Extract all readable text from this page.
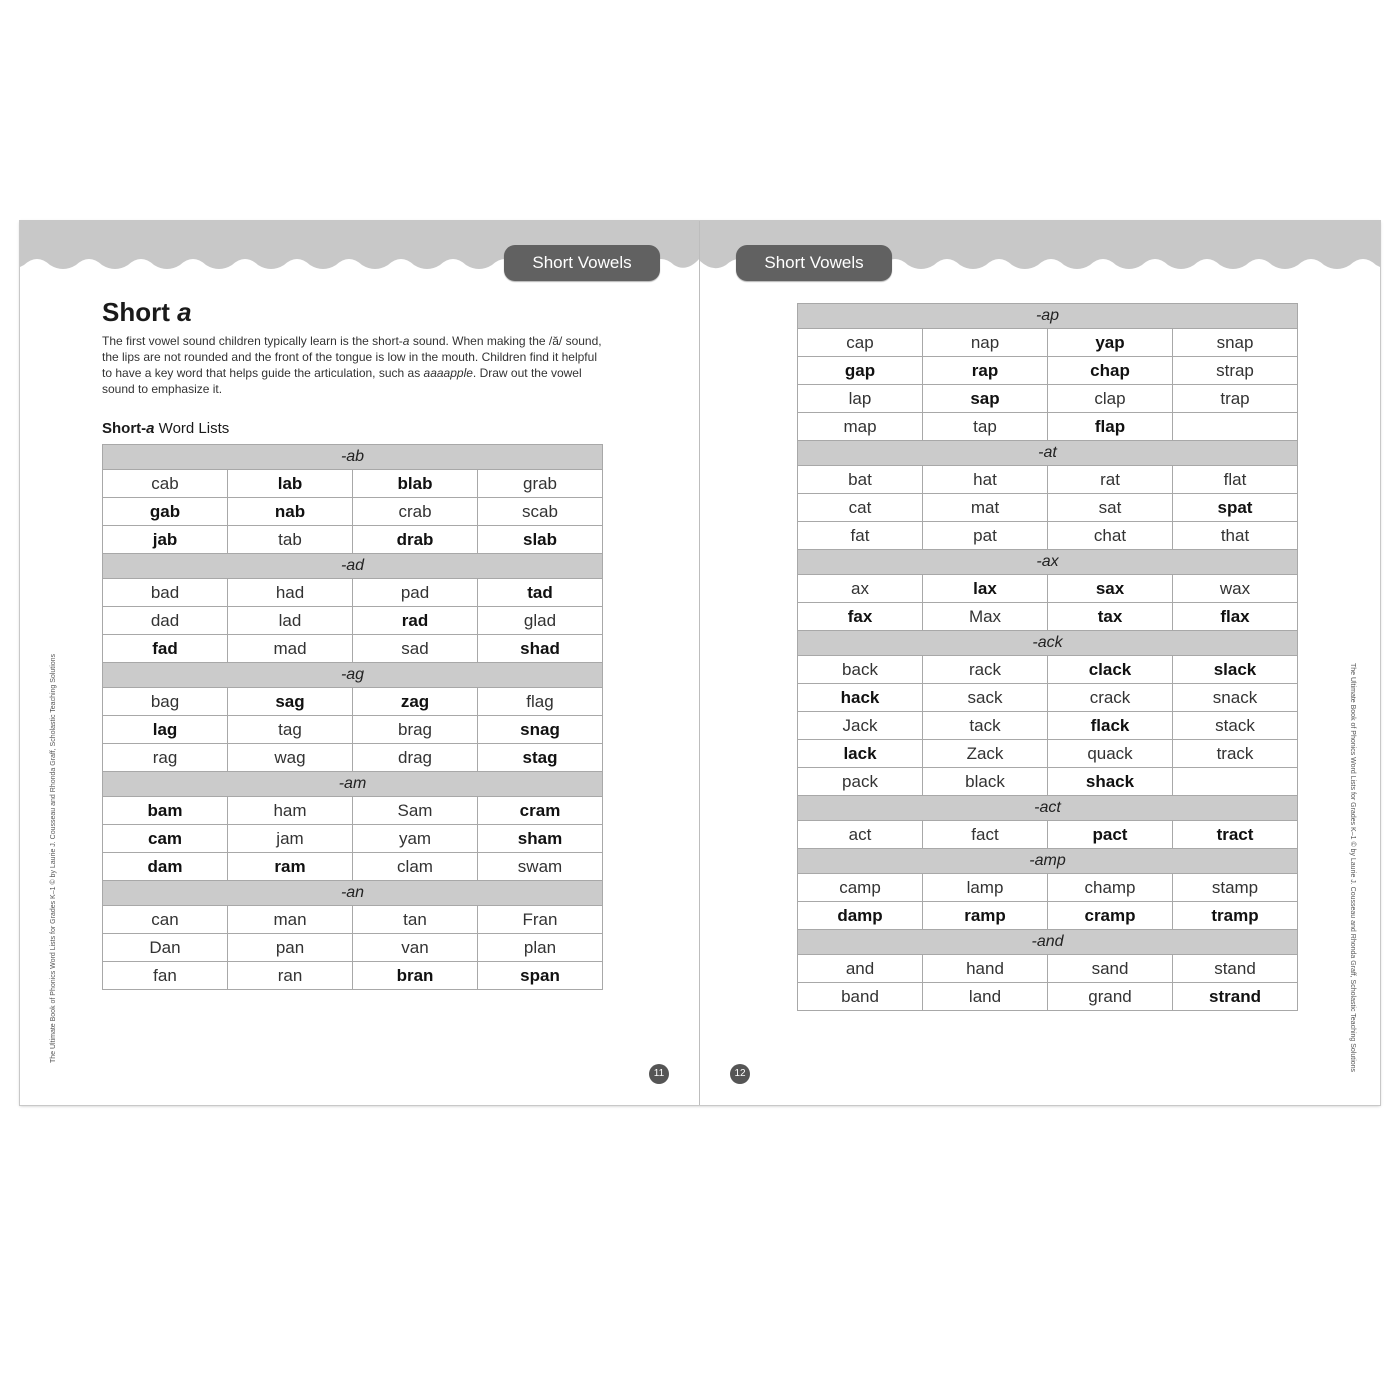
Short Vowels
Short a
The first vowel sound children typically learn is the short-a sound. When making the /ă/ sound, the lips are not rounded and the front of the tongue is low in the mouth. Children find it helpful to have a key word that helps guide the articulation, such as aaaapple. Draw out the vowel sound to emphasize it.
Short-a Word Lists
-ab			
cab	lab	blab	grab
gab	nab	crab	scab
jab	tab	drab	slab
-ad			
bad	had	pad	tad
dad	lad	rad	glad
fad	mad	sad	shad
-ag			
bag	sag	zag	flag
lag	tag	brag	snag
rag	wag	drag	stag
-am			
bam	ham	Sam	cram
cam	jam	yam	sham
dam	ram	clam	swam
-an			
can	man	tan	Fran
Dan	pan	van	plan
fan	ran	bran	span
11
The Ultimate Book of Phonics Word Lists for Grades K–1 © by Laurie J. Cousseau and Rhonda Graff, Scholastic Teaching Solutions
Short Vowels
-ap			
cap	nap	yap	snap
gap	rap	chap	strap
lap	sap	clap	trap
map	tap	flap	
-at			
bat	hat	rat	flat
cat	mat	sat	spat
fat	pat	chat	that
-ax			
ax	lax	sax	wax
fax	Max	tax	flax
-ack			
back	rack	clack	slack
hack	sack	crack	snack
Jack	tack	flack	stack
lack	Zack	quack	track
pack	black	shack	
-act			
act	fact	pact	tract
-amp			
camp	lamp	champ	stamp
damp	ramp	cramp	tramp
-and			
and	hand	sand	stand
band	land	grand	strand
12
The Ultimate Book of Phonics Word Lists for Grades K–1 © by Laurie J. Cousseau and Rhonda Graff, Scholastic Teaching Solutions
